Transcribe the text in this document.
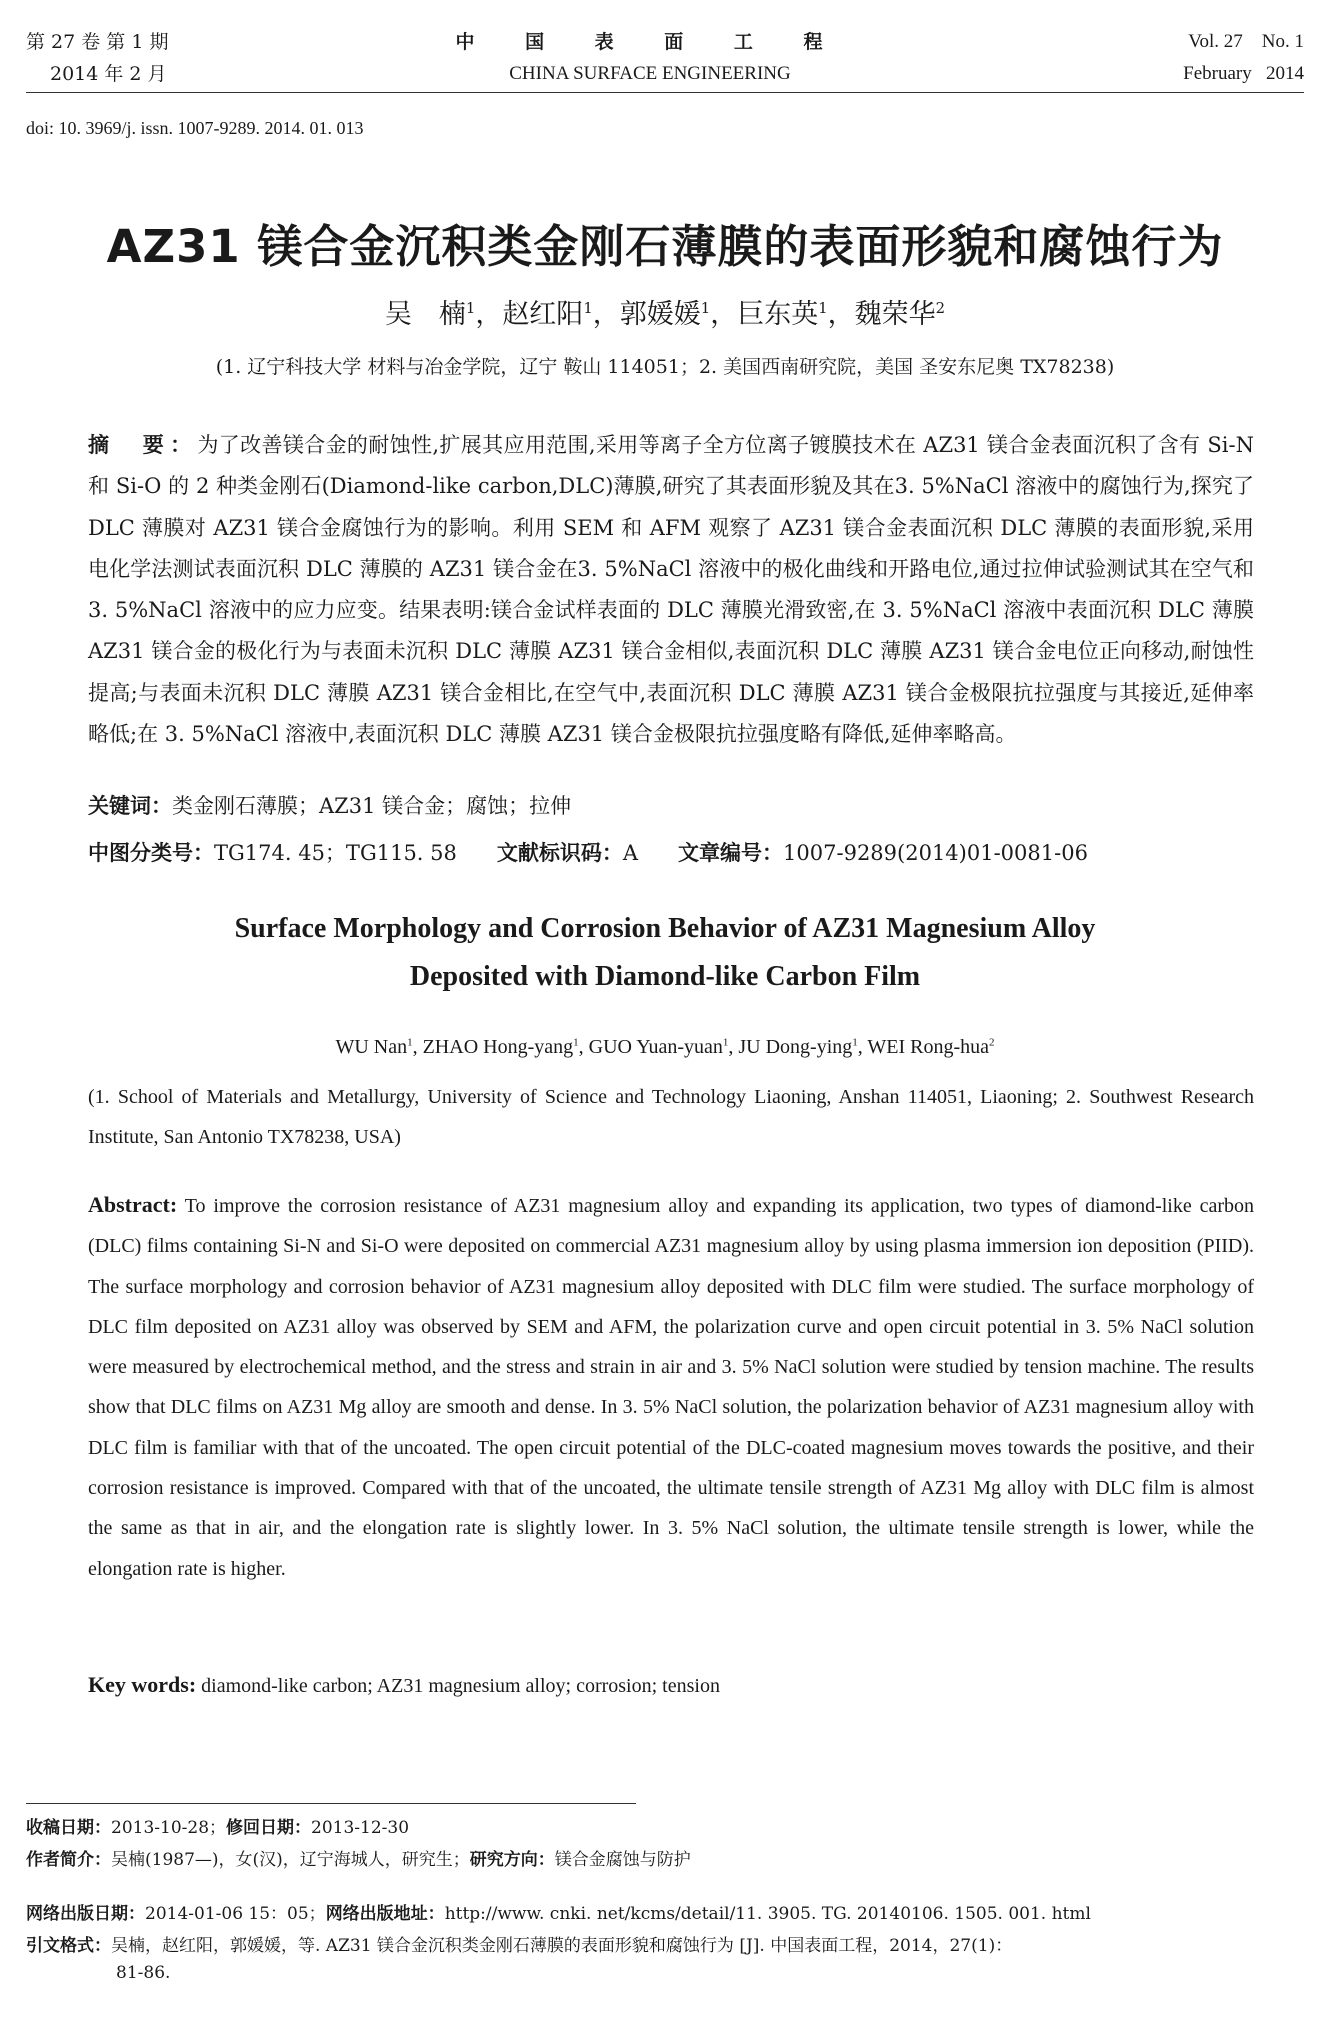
第 27 卷 第 1 期
2014 年 2 月
中 国 表 面 工 程
CHINA SURFACE ENGINEERING
Vol. 27    No. 1
February   2014
doi: 10. 3969/j. issn. 1007-9289. 2014. 01. 013
AZ31 镁合金沉积类金刚石薄膜的表面形貌和腐蚀行为
吴　楠$^1$，赵红阳$^1$，郭媛媛$^1$，巨东英$^1$，魏荣华$^2$
(1. 辽宁科技大学 材料与冶金学院，辽宁 鞍山 114051；2. 美国西南研究院，美国 圣安东尼奥 TX78238)
摘　要：为了改善镁合金的耐蚀性,扩展其应用范围,采用等离子全方位离子镀膜技术在 AZ31 镁合金表面沉积了含有 Si-N 和 Si-O 的 2 种类金刚石(Diamond-like carbon,DLC)薄膜,研究了其表面形貌及其在3. 5%NaCl 溶液中的腐蚀行为,探究了 DLC 薄膜对 AZ31 镁合金腐蚀行为的影响。利用 SEM 和 AFM 观察了 AZ31 镁合金表面沉积 DLC 薄膜的表面形貌,采用电化学法测试表面沉积 DLC 薄膜的 AZ31 镁合金在3. 5%NaCl 溶液中的极化曲线和开路电位,通过拉伸试验测试其在空气和 3. 5%NaCl 溶液中的应力应变。结果表明:镁合金试样表面的 DLC 薄膜光滑致密,在 3. 5%NaCl 溶液中表面沉积 DLC 薄膜 AZ31 镁合金的极化行为与表面未沉积 DLC 薄膜 AZ31 镁合金相似,表面沉积 DLC 薄膜 AZ31 镁合金电位正向移动,耐蚀性提高;与表面未沉积 DLC 薄膜 AZ31 镁合金相比,在空气中,表面沉积 DLC 薄膜 AZ31 镁合金极限抗拉强度与其接近,延伸率略低;在 3. 5%NaCl 溶液中,表面沉积 DLC 薄膜 AZ31 镁合金极限抗拉强度略有降低,延伸率略高。
关键词：类金刚石薄膜；AZ31 镁合金；腐蚀；拉伸
中图分类号：TG174. 45；TG115. 58 文献标识码：A 文章编号：1007-9289(2014)01-0081-06
Surface Morphology and Corrosion Behavior of AZ31 Magnesium Alloy
Deposited with Diamond-like Carbon Film
WU Nan$^1$, ZHAO Hong-yang$^1$, GUO Yuan-yuan$^1$, JU Dong-ying$^1$, WEI Rong-hua$^2$
(1. School of Materials and Metallurgy, University of Science and Technology Liaoning, Anshan 114051, Liaoning; 2. Southwest Research Institute, San Antonio TX78238, USA)
Abstract: To improve the corrosion resistance of AZ31 magnesium alloy and expanding its application, two types of diamond-like carbon (DLC) films containing Si-N and Si-O were deposited on commercial AZ31 magnesium alloy by using plasma immersion ion deposition (PIID). The surface morphology and corrosion behavior of AZ31 magnesium alloy deposited with DLC film were studied. The surface morphology of DLC film deposited on AZ31 alloy was observed by SEM and AFM, the polarization curve and open circuit potential in 3. 5% NaCl solution were measured by electrochemical method, and the stress and strain in air and 3. 5% NaCl solution were studied by tension machine. The results show that DLC films on AZ31 Mg alloy are smooth and dense. In 3. 5% NaCl solution, the polarization behavior of AZ31 magnesium alloy with DLC film is familiar with that of the uncoated. The open circuit potential of the DLC-coated magnesium moves towards the positive, and their corrosion resistance is improved. Compared with that of the uncoated, the ultimate tensile strength of AZ31 Mg alloy with DLC film is almost the same as that in air, and the elongation rate is slightly lower. In 3. 5% NaCl solution, the ultimate tensile strength is lower, while the elongation rate is higher.
Key words: diamond-like carbon; AZ31 magnesium alloy; corrosion; tension
收稿日期：2013-10-28；修回日期：2013-12-30
作者简介：吴楠(1987—)，女(汉)，辽宁海城人，研究生；研究方向：镁合金腐蚀与防护
网络出版日期：2014-01-06 15：05；网络出版地址：http://www. cnki. net/kcms/detail/11. 3905. TG. 20140106. 1505. 001. html
引文格式：吴楠，赵红阳，郭媛媛，等. AZ31 镁合金沉积类金刚石薄膜的表面形貌和腐蚀行为 [J]. 中国表面工程，2014，27(1)：
81-86.
